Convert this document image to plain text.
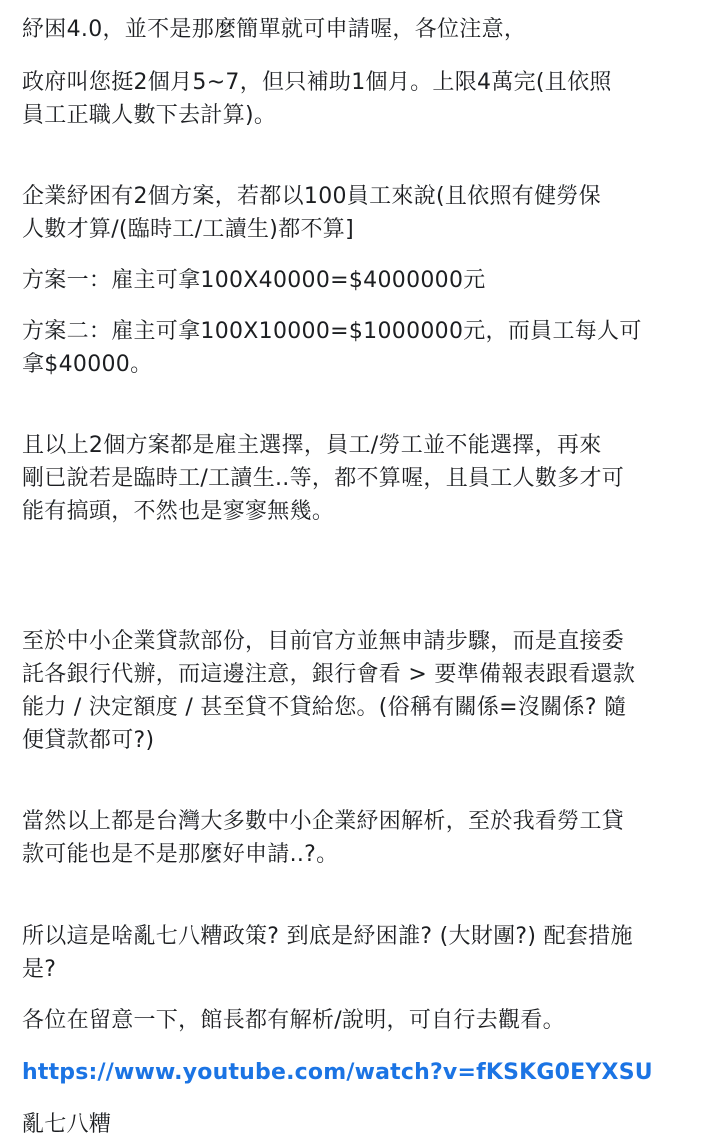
紓困4.0，並不是那麼簡單就可申請喔，各位注意，
政府叫您挺2個月5~7，但只補助1個月。上限4萬完(且依照
員工正職人數下去計算)。
企業紓困有2個方案，若都以100員工來說(且依照有健勞保
人數才算/(臨時工/工讀生)都不算]
方案一：雇主可拿100X40000=$4000000元
方案二：雇主可拿100X10000=$1000000元，而員工每人可
拿$40000。
且以上2個方案都是雇主選擇，員工/勞工並不能選擇，再來
剛已說若是臨時工/工讀生..等，都不算喔，且員工人數多才可
能有搞頭，不然也是寥寥無幾。
至於中小企業貸款部份，目前官方並無申請步驟，而是直接委
託各銀行代辦，而這邊注意，銀行會看 > 要準備報表跟看還款
能力 / 決定額度 / 甚至貸不貸給您。(俗稱有關係=沒關係? 隨
便貸款都可?)
當然以上都是台灣大多數中小企業紓困解析，至於我看勞工貸
款可能也是不是那麼好申請..?。
所以這是啥亂七八糟政策? 到底是紓困誰? (大財團?) 配套措施
是?
各位在留意一下，館長都有解析/說明，可自行去觀看。
https://www.youtube.com/watch?v=fKSKG0EYXSU
亂七八糟
